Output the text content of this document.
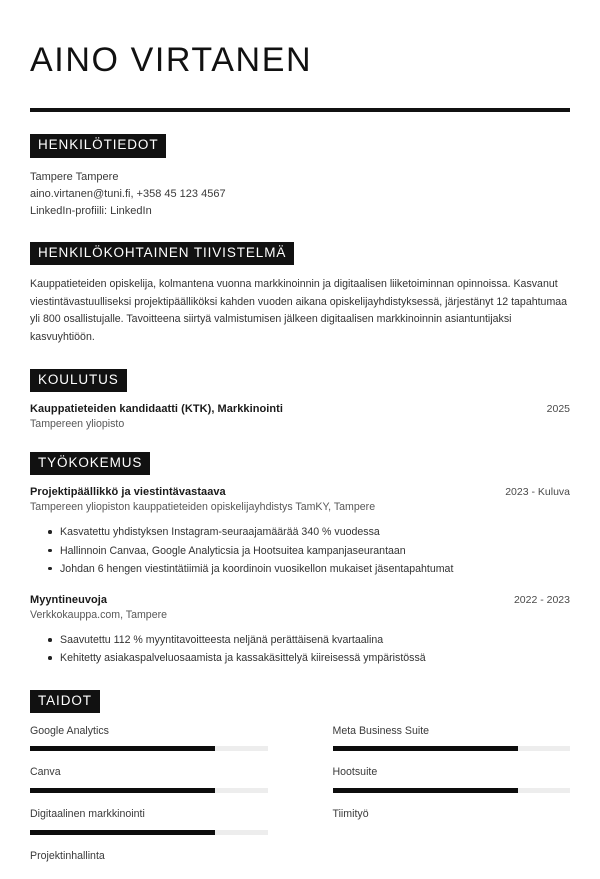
AINO VIRTANEN
HENKILÖTIEDOT
Tampere Tampere
aino.virtanen@tuni.fi, +358 45 123 4567
LinkedIn-profiili: LinkedIn
HENKILÖKOHTAINEN TIIVISTELMÄ

Kauppatieteiden opiskelija, kolmantena vuonna markkinoinnin ja digitaalisen liiketoiminnan opinnoissa. Kasvanut viestintävastuulliseksi projektipäälliköksi kahden vuoden aikana opiskelijayhdistyksessä, järjestänyt 12 tapahtumaa yli 800 osallistujalle. Tavoitteena siirtyä valmistumisen jälkeen digitaalisen markkinoinnin asiantuntijaksi kasvuyhtiöön.

KOULUTUS
Kauppatieteiden kandidaatti (KTK), Markkinointi	2025
Tampereen yliopisto
TYÖKOKEMUS
Projektipäällikkö ja viestintävastaava	2023 - Kuluva
Tampereen yliopiston kauppatieteiden opiskelijayhdistys TamKY, Tampere
Kasvatettu yhdistyksen Instagram-seuraajamäärää 340 % vuodessa
Hallinnoin Canvaa, Google Analyticsia ja Hootsuitea kampanjaseurantaan
Johdan 6 hengen viestintätiimiä ja koordinoin vuosikellon mukaiset jäsentapahtumat
Myyntineuvoja	2022 - 2023
Verkkokauppa.com, Tampere
Saavutettu 112 % myyntitavoitteesta neljänä perättäisenä kvartaalina
Kehitetty asiakaspalveluosaamista ja kassakäsittelyä kiireisessä ympäristössä
TAIDOT
Google Analytics	Meta Business Suite
Canva	Hootsuite
Digitaalinen markkinointi	Tiimityö
Projektinhallinta
